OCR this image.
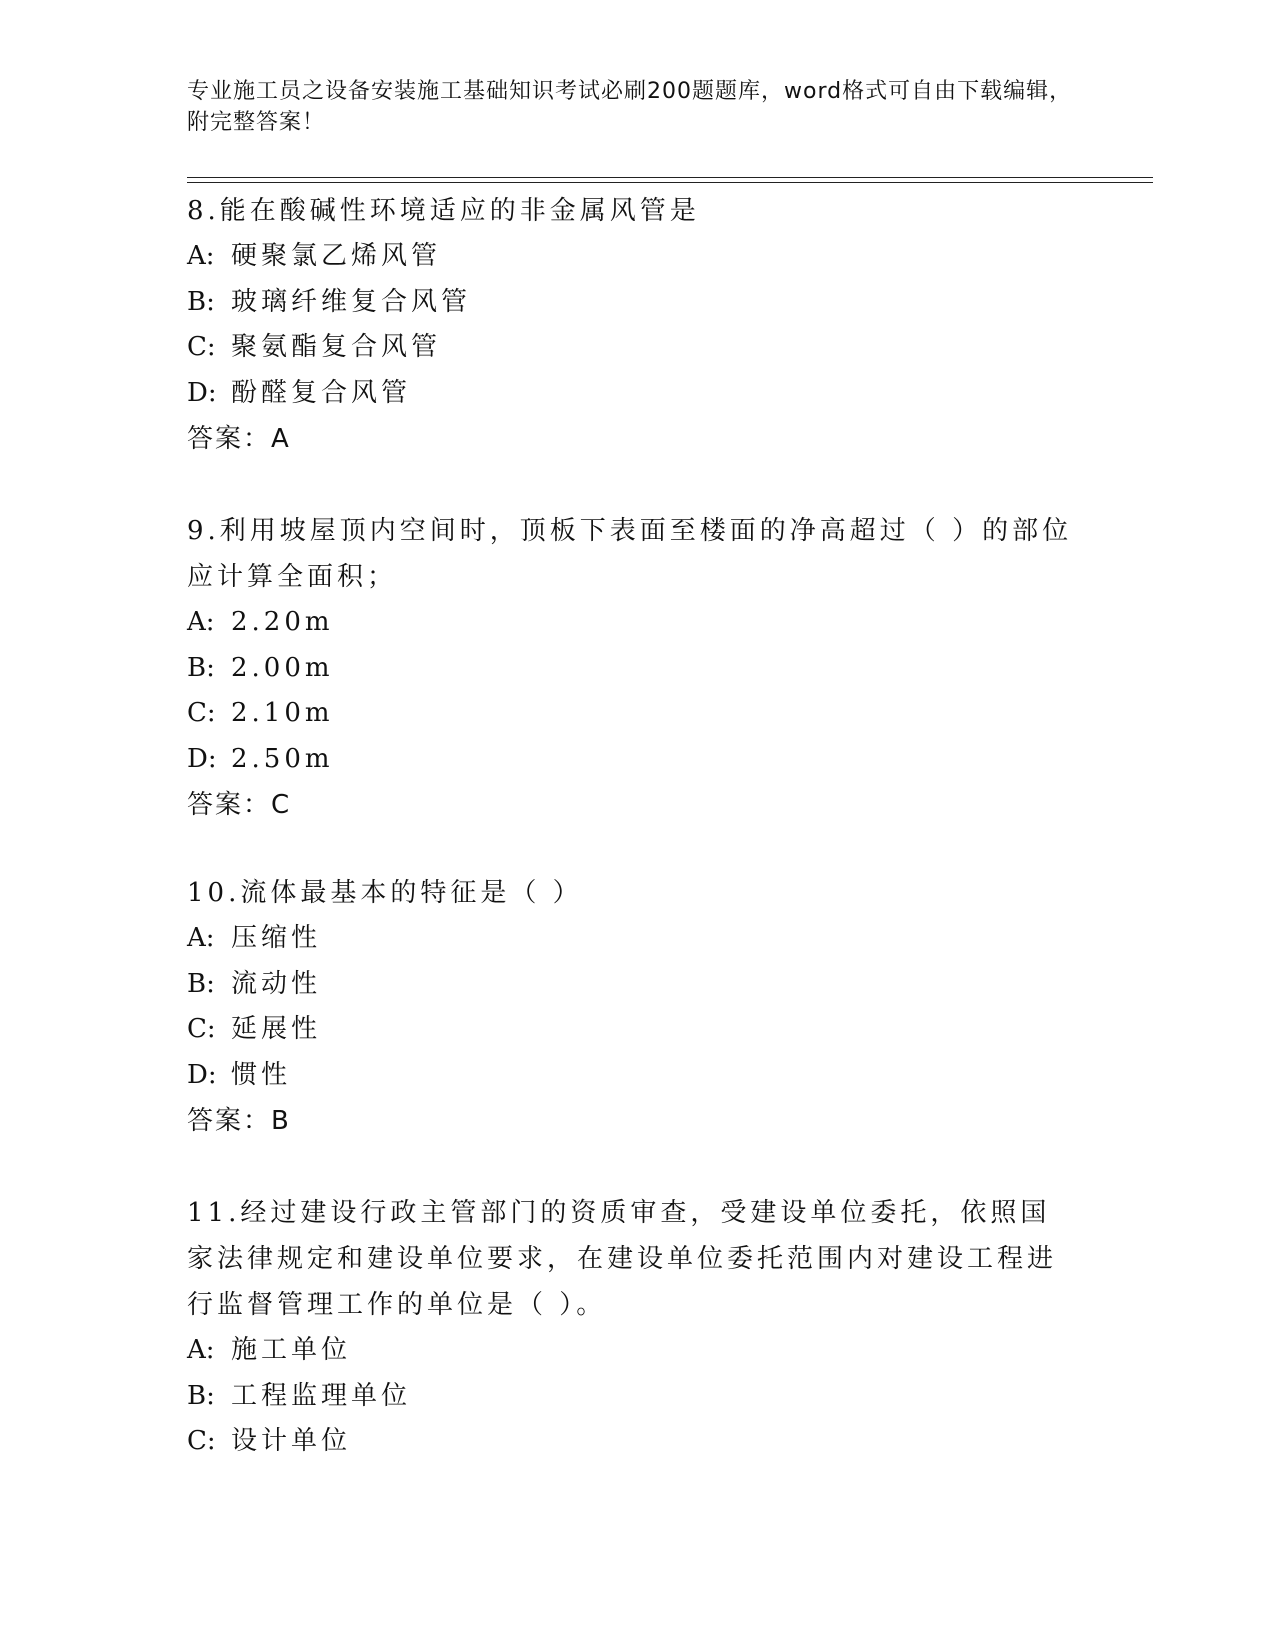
专业施工员之设备安装施工基础知识考试必刷200题题库，word格式可自由下载编辑，附完整答案！

8.能在酸碱性环境适应的非金属风管是

A: 硬聚氯乙烯风管

B: 玻璃纤维复合风管

C: 聚氨酯复合风管

D: 酚醛复合风管

答案：A

9.利用坡屋顶内空间时，顶板下表面至楼面的净高超过（ ）的部位应计算全面积；

A: 2.20m

B: 2.00m

C: 2.10m

D: 2.50m

答案：C

10.流体最基本的特征是（ ）

A: 压缩性

B: 流动性

C: 延展性

D: 惯性

答案：B

11.经过建设行政主管部门的资质审查，受建设单位委托，依照国家法律规定和建设单位要求，在建设单位委托范围内对建设工程进行监督管理工作的单位是（ ）。

A: 施工单位

B: 工程监理单位

C: 设计单位
